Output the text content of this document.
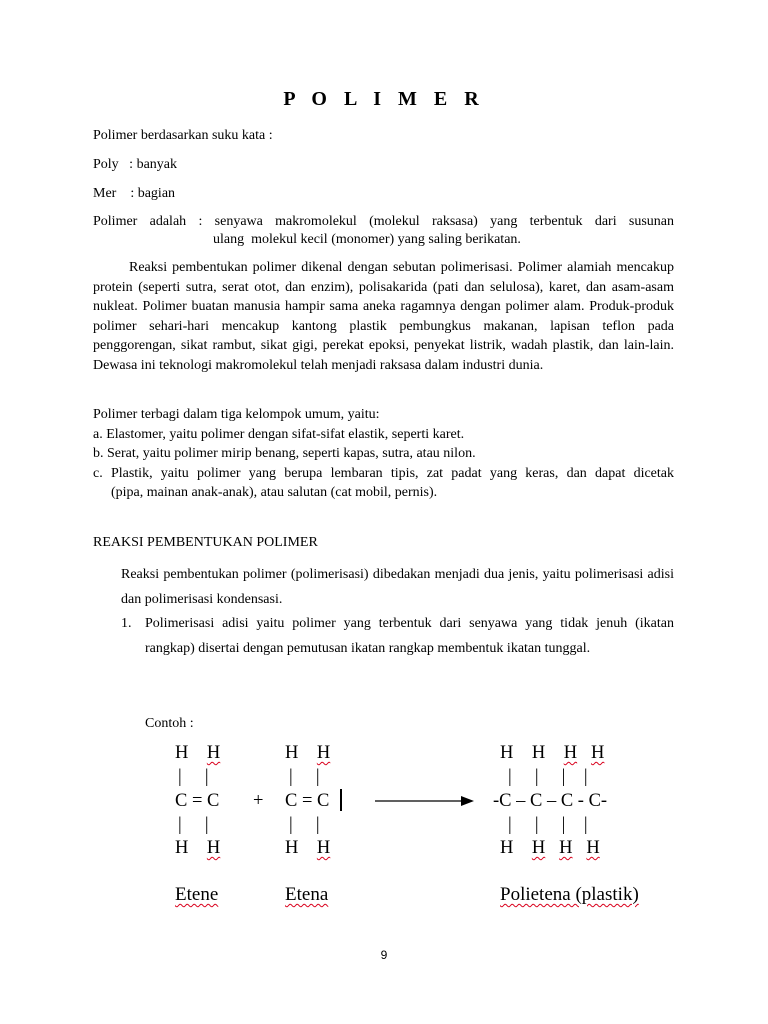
P O L I M E R

Polimer berdasarkan suku kata :

Poly   : banyak

Mer    : bagian

Polimer  adalah  :  senyawa  makromolekul  (molekul  raksasa)  yang  terbentuk  dari  susunan

ulang  molekul kecil (monomer) yang saling berikatan.

Reaksi pembentukan polimer dikenal dengan sebutan polimerisasi. Polimer alamiah mencakup protein (seperti sutra, serat otot, dan enzim), polisakarida (pati dan selulosa), karet, dan asam-asam nukleat. Polimer buatan manusia hampir sama aneka ragamnya dengan polimer alam. Produk-produk polimer sehari-hari mencakup kantong plastik pembungkus makanan, lapisan teflon pada penggorengan, sikat rambut, sikat gigi, perekat epoksi, penyekat listrik, wadah plastik, dan lain-lain. Dewasa ini teknologi makromolekul telah menjadi raksasa dalam industri dunia.

Polimer terbagi dalam tiga kelompok umum, yaitu:

a. Elastomer, yaitu polimer dengan sifat-sifat elastik, seperti karet.

b. Serat, yaitu polimer mirip benang, seperti kapas, sutra, atau nilon.

c. Plastik, yaitu polimer yang berupa lembaran tipis, zat padat yang keras, dan dapat dicetak

(pipa, mainan anak-anak), atau salutan (cat mobil, pernis).

REAKSI PEMBENTUKAN POLIMER

Reaksi pembentukan polimer (polimerisasi) dibedakan menjadi dua jenis, yaitu polimerisasi adisi dan polimerisasi kondensasi.

1. Polimerisasi adisi yaitu polimer yang terbentuk dari senyawa yang tidak jenuh (ikatan rangkap) disertai dengan pemutusan ikatan rangkap membentuk ikatan tunggal.

Contoh :

H    H
|     |
C = C
|     |
H    H
Etene
+
H    H
|     |
C = C
|     |
H    H
Etena
H    H    H H
|     |     |    |
-C – C – C - C-
|     |     |    |
H    H H H
Polietena (plastik)
9
